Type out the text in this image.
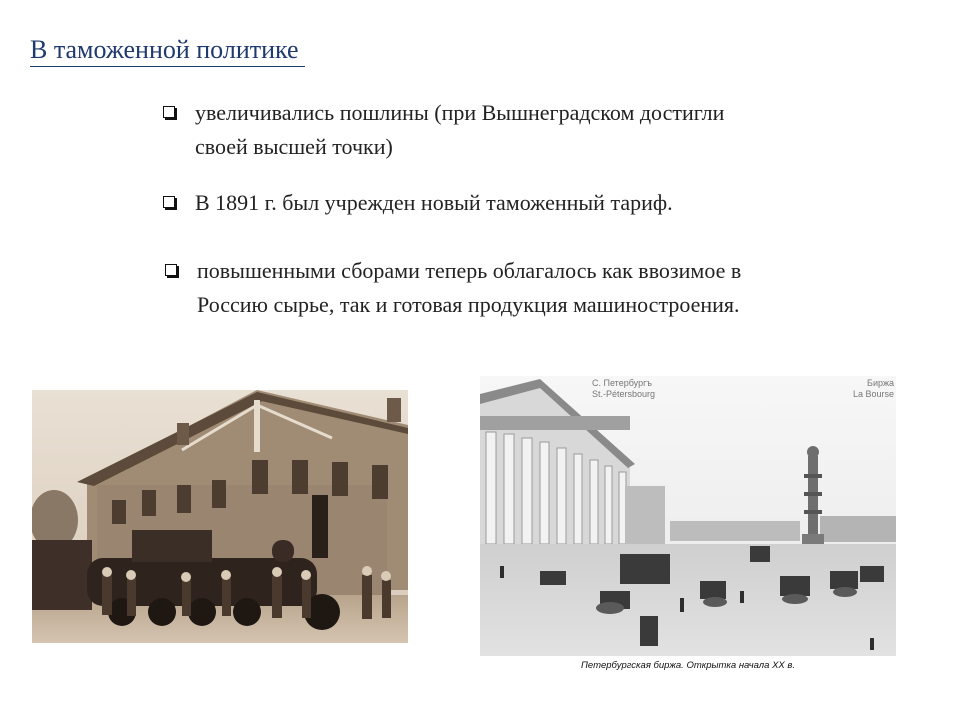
В таможенной политике
увеличивались пошлины (при Вышнеградском достигли
своей высшей точки)
В 1891 г. был учрежден новый таможенный тариф.
повышенными сборами теперь облагалось как ввозимое в
Россию сырье, так и готовая продукция машиностроения.
С. Петербургъ
St.-Pétersbourg
Биржа
La Bourse
Петербургская биржа. Открытка начала XX в.
